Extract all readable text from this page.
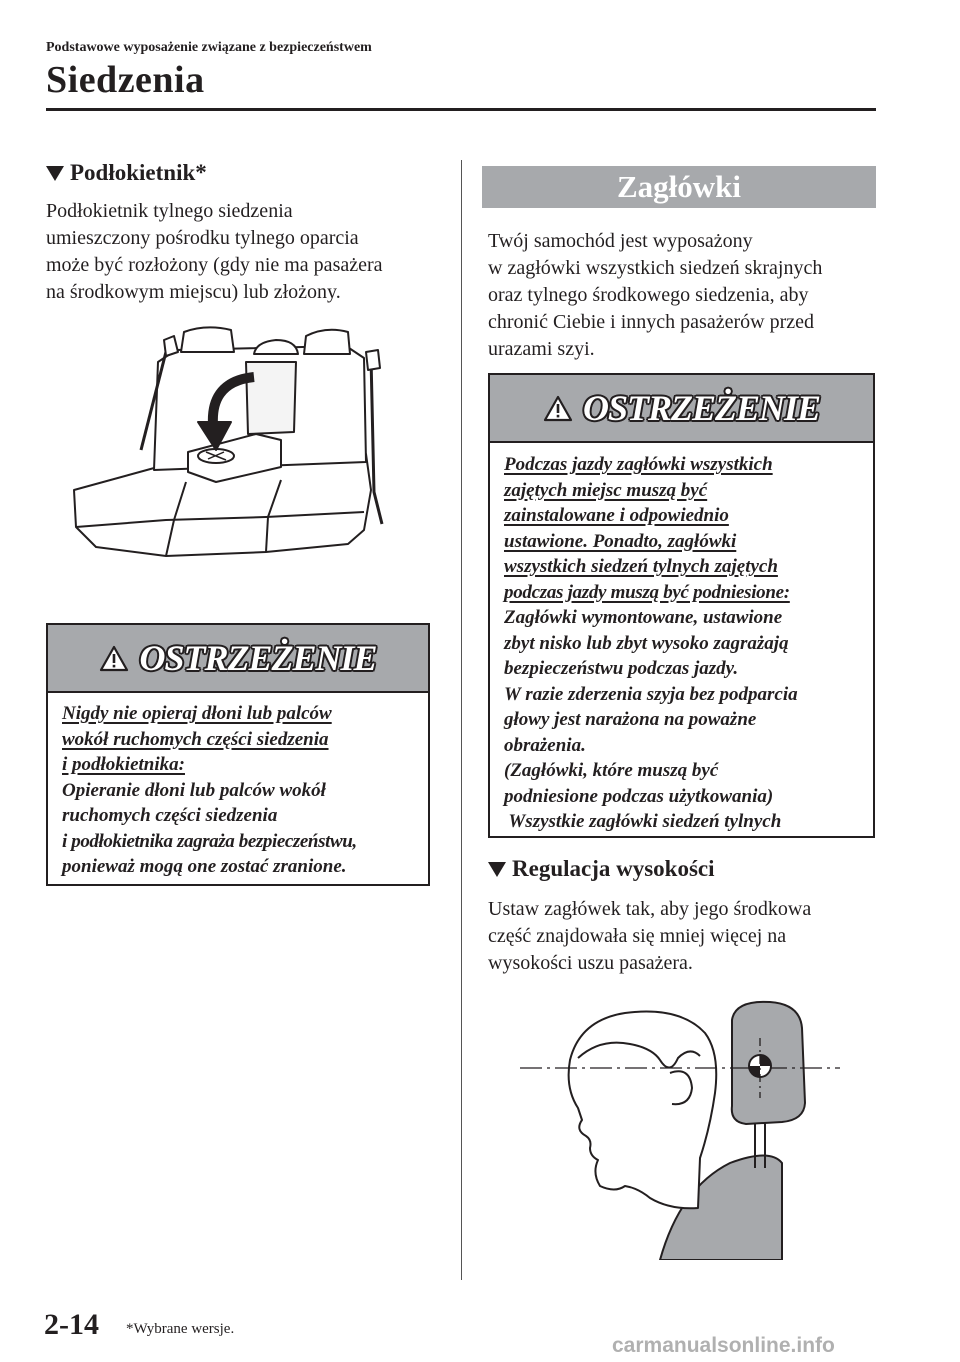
Podstawowe wyposażenie związane z bezpieczeństwem
Siedzenia
Podłokietnik*

Podłokietnik tylnego siedzenia

umieszczony pośrodku tylnego oparcia

może być rozłożony (gdy nie ma pasażera

na środkowym miejscu) lub złożony.

OSTRZEŻENIE
Nigdy nie opieraj dłoni lub palców
wokół ruchomych części siedzenia
i podłokietnika:
Opieranie dłoni lub palców wokół
ruchomych części siedzenia
i podłokietnika zagraża bezpieczeństwu,
ponieważ mogą one zostać zranione.
Zagłówki

Twój samochód jest wyposażony

w zagłówki wszystkich siedzeń skrajnych

oraz tylnego środkowego siedzenia, aby

chronić Ciebie i innych pasażerów przed

urazami szyi.

OSTRZEŻENIE
Podczas jazdy zagłówki wszystkich
zajętych miejsc muszą być
zainstalowane i odpowiednio
ustawione. Ponadto, zagłówki
wszystkich siedzeń tylnych zajętych
podczas jazdy muszą być podniesione:
Zagłówki wymontowane, ustawione
zbyt nisko lub zbyt wysoko zagrażają
bezpieczeństwu podczas jazdy.
W razie zderzenia szyja bez podparcia
głowy jest narażona na poważne
obrażenia.
(Zagłówki, które muszą być
podniesione podczas użytkowania)
Wszystkie zagłówki siedzeń tylnych
Regulacja wysokości

Ustaw zagłówek tak, aby jego środkowa

część znajdowała się mniej więcej na

wysokości uszu pasażera.

2-14 *Wybrane wersje.
carmanualsonline.info
